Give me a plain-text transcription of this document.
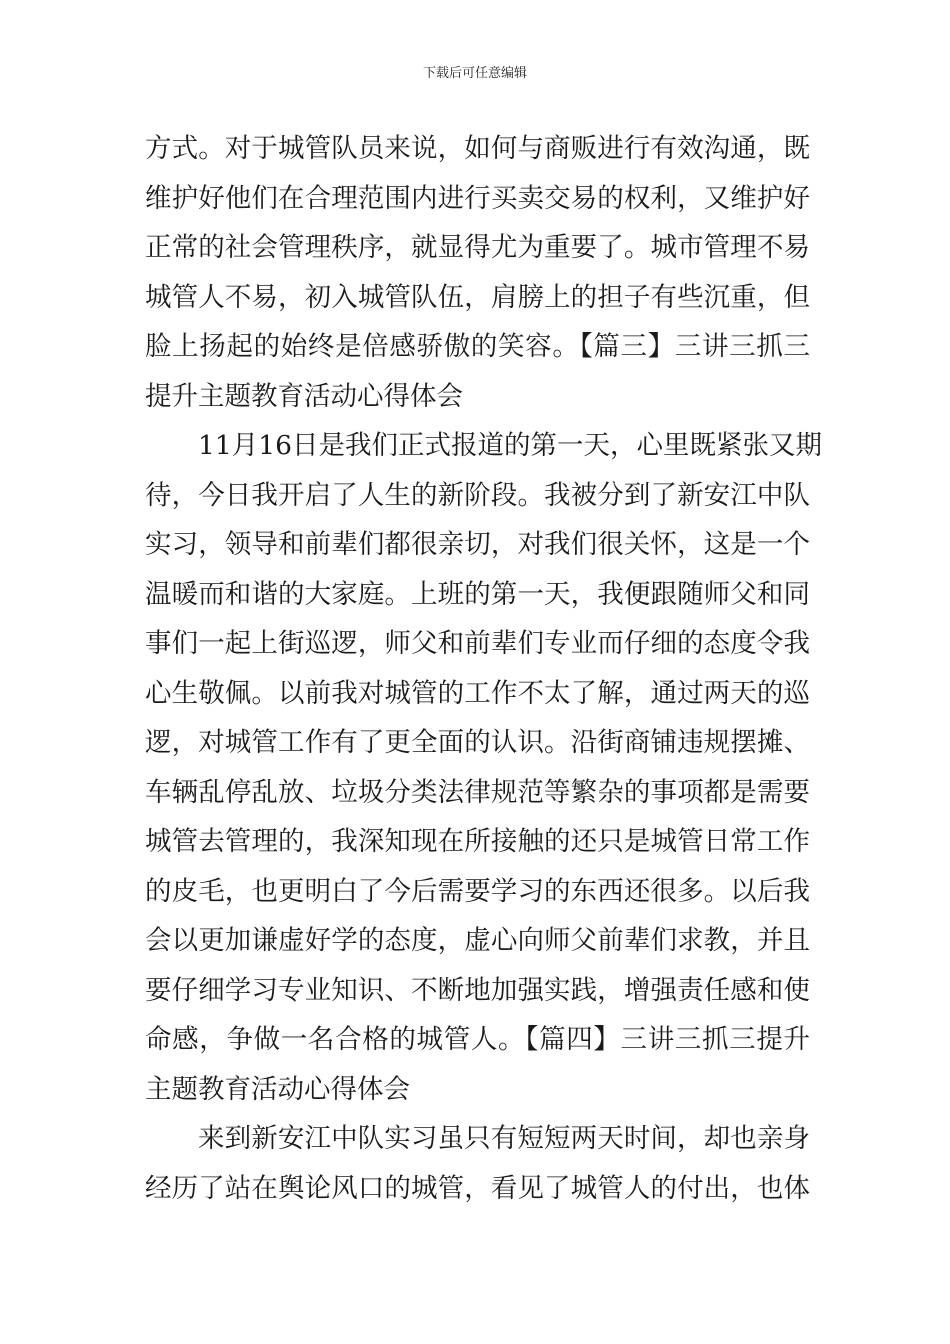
下载后可任意编辑
方式。对于城管队员来说，如何与商贩进行有效沟通，既
维护好他们在合理范围内进行买卖交易的权利，又维护好
正常的社会管理秩序，就显得尤为重要了。城市管理不易
城管人不易，初入城管队伍，肩膀上的担子有些沉重，但
脸上扬起的始终是倍感骄傲的笑容。【篇三】三讲三抓三
提升主题教育活动心得体会
11月16日是我们正式报道的第一天，心里既紧张又期
待，今日我开启了人生的新阶段。我被分到了新安江中队
实习，领导和前辈们都很亲切，对我们很关怀，这是一个
温暖而和谐的大家庭。上班的第一天，我便跟随师父和同
事们一起上街巡逻，师父和前辈们专业而仔细的态度令我
心生敬佩。以前我对城管的工作不太了解，通过两天的巡
逻，对城管工作有了更全面的认识。沿街商铺违规摆摊、
车辆乱停乱放、垃圾分类法律规范等繁杂的事项都是需要
城管去管理的，我深知现在所接触的还只是城管日常工作
的皮毛，也更明白了今后需要学习的东西还很多。以后我
会以更加谦虚好学的态度，虚心向师父前辈们求教，并且
要仔细学习专业知识、不断地加强实践，增强责任感和使
命感，争做一名合格的城管人。【篇四】三讲三抓三提升
主题教育活动心得体会
来到新安江中队实习虽只有短短两天时间，却也亲身
经历了站在舆论风口的城管，看见了城管人的付出，也体
